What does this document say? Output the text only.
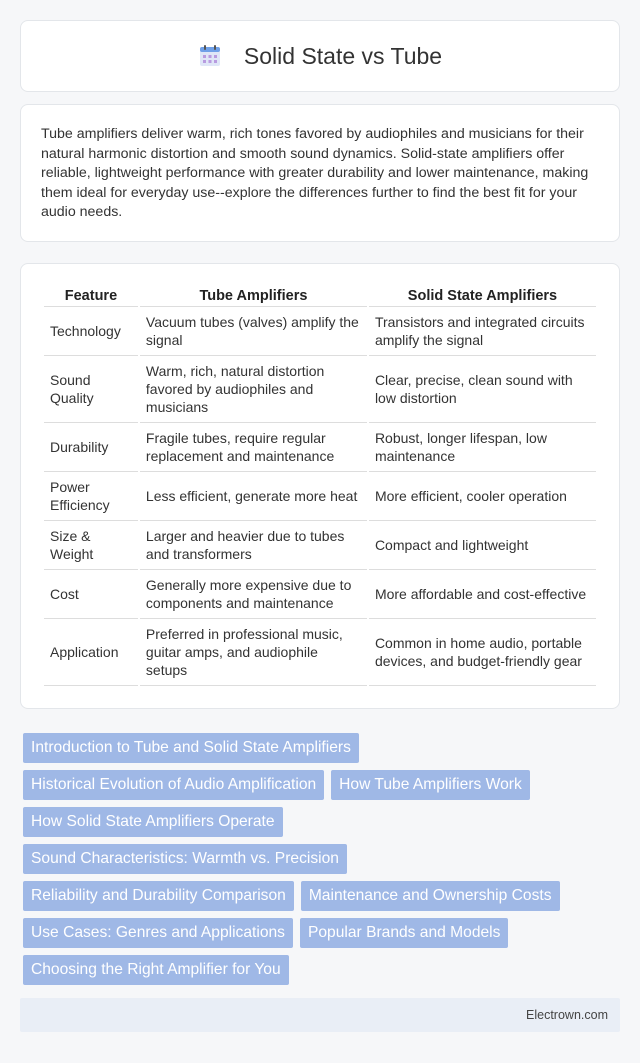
Solid State vs Tube

Tube amplifiers deliver warm, rich tones favored by audiophiles and musicians for their natural harmonic distortion and smooth sound dynamics. Solid-state amplifiers offer reliable, lightweight performance with greater durability and lower maintenance, making them ideal for everyday use--explore the differences further to find the best fit for your audio needs.

Feature	Tube Amplifiers	Solid State Amplifiers
Technology	Vacuum tubes (valves) amplify the signal	Transistors and integrated circuits amplify the signal
Sound Quality	Warm, rich, natural distortion favored by audiophiles and musicians	Clear, precise, clean sound with low distortion
Durability	Fragile tubes, require regular replacement and maintenance	Robust, longer lifespan, low maintenance
Power Efficiency	Less efficient, generate more heat	More efficient, cooler operation
Size & Weight	Larger and heavier due to tubes and transformers	Compact and lightweight
Cost	Generally more expensive due to components and maintenance	More affordable and cost-effective
Application	Preferred in professional music, guitar amps, and audiophile setups	Common in home audio, portable devices, and budget-friendly gear
Introduction to Tube and Solid State Amplifiers
Historical Evolution of Audio Amplification	How Tube Amplifiers Work
How Solid State Amplifiers Operate
Sound Characteristics: Warmth vs. Precision
Reliability and Durability Comparison	Maintenance and Ownership Costs
Use Cases: Genres and Applications	Popular Brands and Models
Choosing the Right Amplifier for You
Electrown.com
